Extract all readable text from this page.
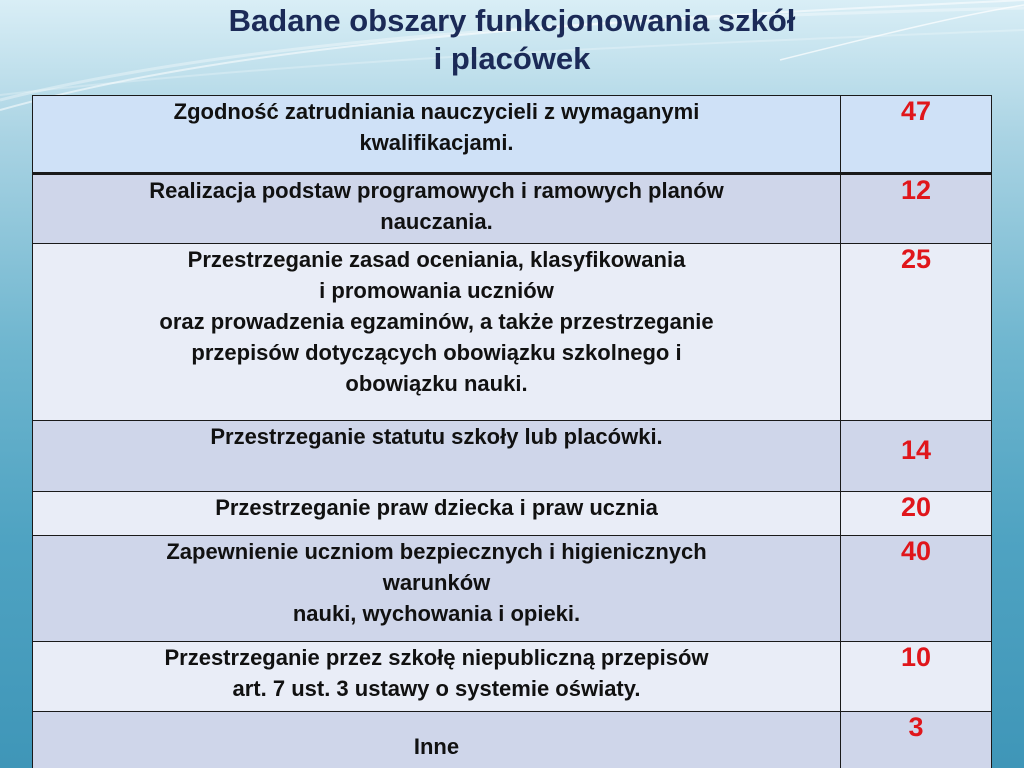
Badane obszary funkcjonowania szkół
i placówek
Zgodność zatrudniania nauczycieli z wymaganymi
kwalifikacjami.	47

Realizacja podstaw programowych i ramowych planów
nauczania.	12

Przestrzeganie zasad oceniania, klasyfikowania
i promowania uczniów
oraz prowadzenia egzaminów, a także przestrzeganie
przepisów dotyczących obowiązku szkolnego i
obowiązku nauki.	25

Przestrzeganie statutu szkoły lub placówki.	14

Przestrzeganie praw dziecka i praw ucznia	20

Zapewnienie uczniom bezpiecznych i higienicznych
warunków
nauki, wychowania i opieki.	40

Przestrzeganie przez szkołę niepubliczną przepisów
art. 7 ust. 3 ustawy o systemie oświaty.	10

Inne	3
